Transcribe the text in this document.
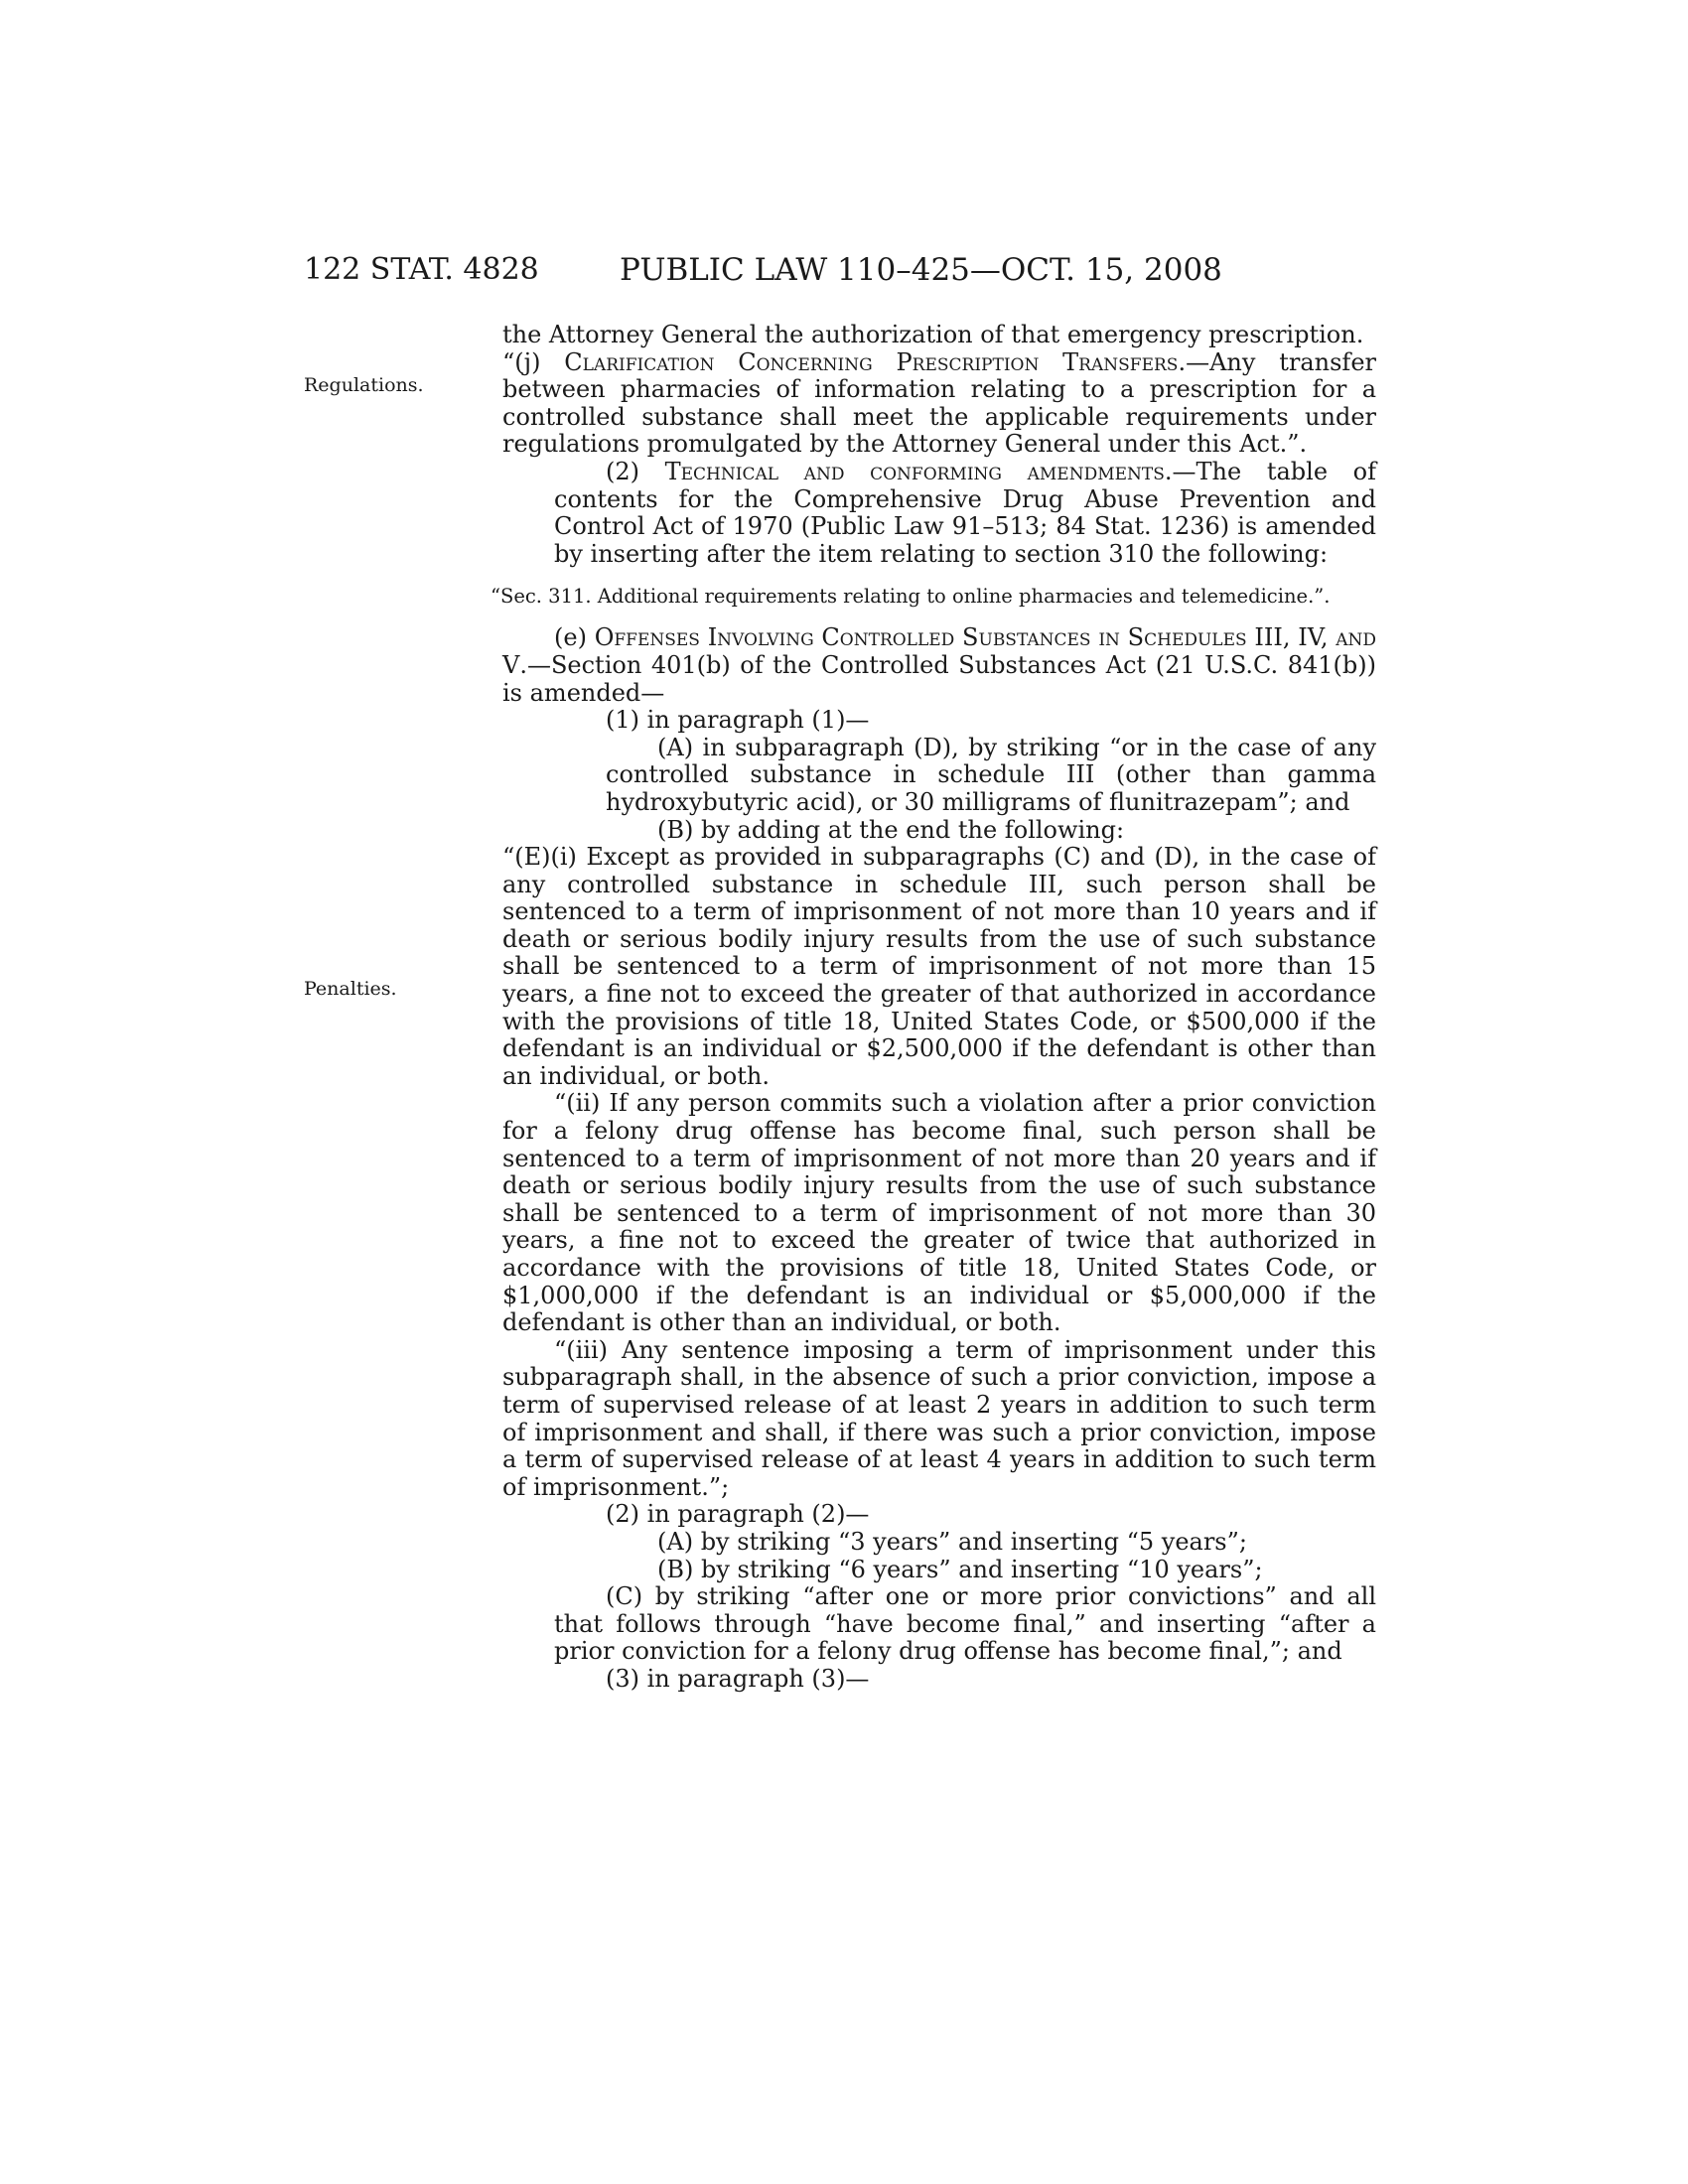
122 STAT. 4828	PUBLIC LAW 110–425—OCT. 15, 2008
Regulations.
Penalties.

the Attorney General the authorization of that emergency prescription.

“(j) Clarification Concerning Prescription Transfers.—Any transfer between pharmacies of information relating to a prescription for a controlled substance shall meet the applicable requirements under regulations promulgated by the Attorney General under this Act.”.

(2) Technical and conforming amendments.—The table of contents for the Comprehensive Drug Abuse Prevention and Control Act of 1970 (Public Law 91–513; 84 Stat. 1236) is amended by inserting after the item relating to section 310 the following:

“Sec. 311. Additional requirements relating to online pharmacies and telemedicine.”.

(e) Offenses Involving Controlled Substances in Schedules III, IV, and V.—Section 401(b) of the Controlled Substances Act (21 U.S.C. 841(b)) is amended—

(1) in paragraph (1)—

(A) in subparagraph (D), by striking “or in the case of any controlled substance in schedule III (other than gamma hydroxybutyric acid), or 30 milligrams of flunitrazepam”; and

(B) by adding at the end the following:

“(E)(i) Except as provided in subparagraphs (C) and (D), in the case of any controlled substance in schedule III, such person shall be sentenced to a term of imprisonment of not more than 10 years and if death or serious bodily injury results from the use of such substance shall be sentenced to a term of imprisonment of not more than 15 years, a fine not to exceed the greater of that authorized in accordance with the provisions of title 18, United States Code, or $500,000 if the defendant is an individual or $2,500,000 if the defendant is other than an individual, or both.

“(ii) If any person commits such a violation after a prior conviction for a felony drug offense has become final, such person shall be sentenced to a term of imprisonment of not more than 20 years and if death or serious bodily injury results from the use of such substance shall be sentenced to a term of imprisonment of not more than 30 years, a fine not to exceed the greater of twice that authorized in accordance with the provisions of title 18, United States Code, or $1,000,000 if the defendant is an individual or $5,000,000 if the defendant is other than an individual, or both.

“(iii) Any sentence imposing a term of imprisonment under this subparagraph shall, in the absence of such a prior conviction, impose a term of supervised release of at least 2 years in addition to such term of imprisonment and shall, if there was such a prior conviction, impose a term of supervised release of at least 4 years in addition to such term of imprisonment.”;

(2) in paragraph (2)—

(A) by striking “3 years” and inserting “5 years”;

(B) by striking “6 years” and inserting “10 years”;

(C) by striking “after one or more prior convictions” and all that follows through “have become final,” and inserting “after a prior conviction for a felony drug offense has become final,”; and

(3) in paragraph (3)—
